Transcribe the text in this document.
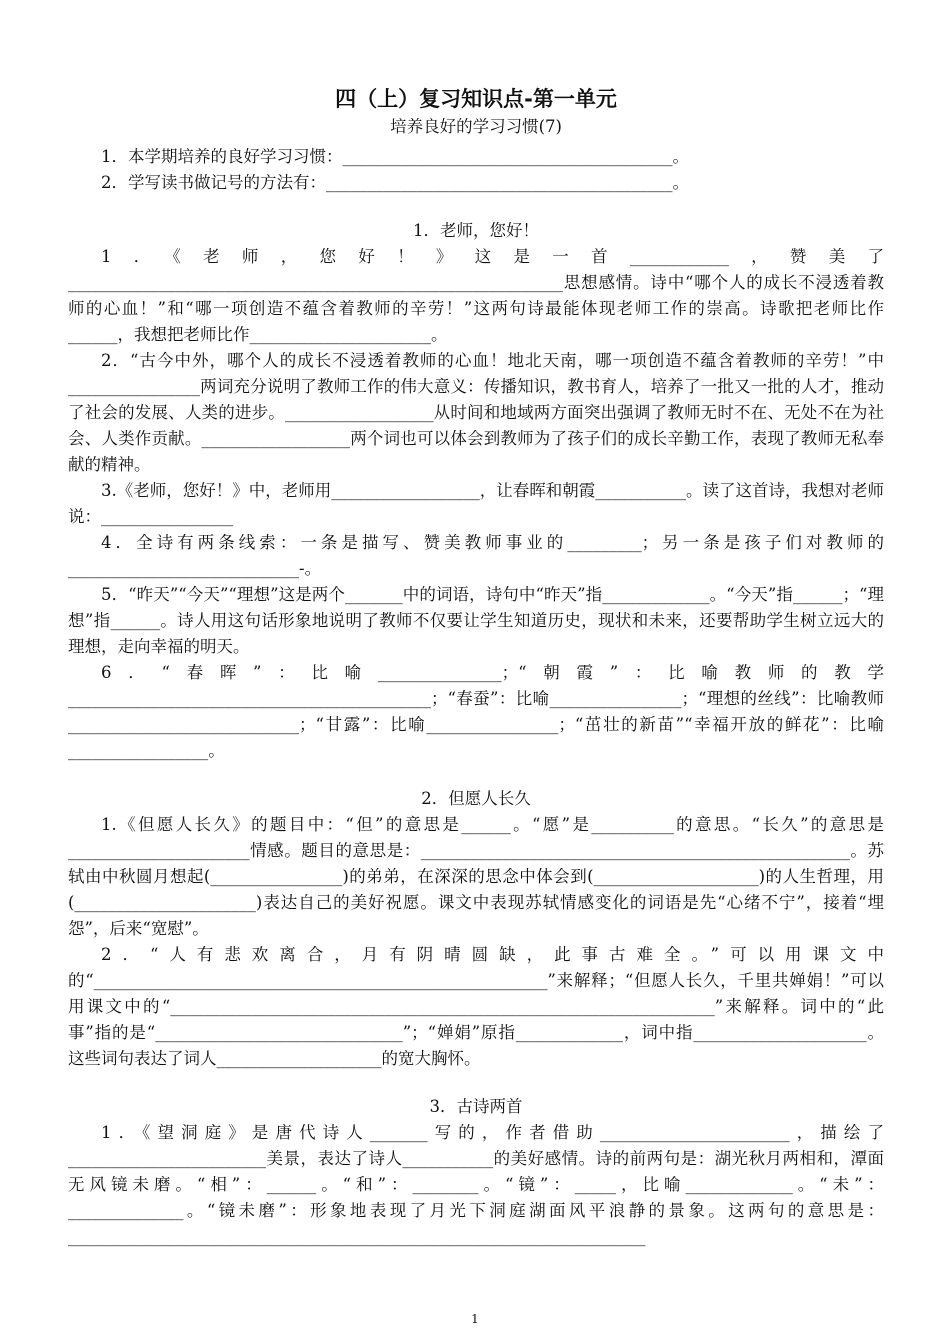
四（上）复习知识点-第一单元
培养良好的学习习惯(7)

1．本学期培养的良好学习习惯：________________________________________。

2．学写读书做记号的方法有：__________________________________________。

1．老师，您好！

1．《老师，您好！》这是一首____________，赞美了____________________________________________________________思想感情。诗中“哪个人的成长不浸透着教师的心血！”和“哪一项创造不蕴含着教师的辛劳！”这两句诗最能体现老师工作的崇高。诗歌把老师比作______，我想把老师比作______________________。

2．“古今中外，哪个人的成长不浸透着教师的心血！地北天南，哪一项创造不蕴含着教师的辛劳！”中________________两词充分说明了教师工作的伟大意义：传播知识，教书育人，培养了一批又一批的人才，推动了社会的发展、人类的进步。__________________从时间和地域两方面突出强调了教师无时不在、无处不在为社会、人类作贡献。__________________两个词也可以体会到教师为了孩子们的成长辛勤工作，表现了教师无私奉献的精神。

3.《老师，您好！》中，老师用__________________，让春晖和朝霞___________。读了这首诗，我想对老师说：________________

4．全诗有两条线索：一条是描写、赞美教师事业的_________；另一条是孩子们对教师的____________________________-。

5．“昨天”“今天”“理想”这是两个_______中的词语，诗句中“昨天”指_____________。“今天”指______；“理想”指______。诗人用这句话形象地说明了教师不仅要让学生知道历史，现状和未来，还要帮助学生树立远大的理想，走向幸福的明天。

6．“春晖”：比喻_______________；“朝霞”：比喻教师的教学____________________________________________；“春蚕”：比喻________________；“理想的丝线”：比喻教师____________________________；“甘露”：比喻________________；“茁壮的新苗”“幸福开放的鲜花”：比喻_________________。

2．但愿人长久

1.《但愿人长久》的题目中：“但”的意思是______。“愿”是__________的意思。“长久”的意思是______________________情感。题目的意思是：____________________________________________________。苏轼由中秋圆月想起(________________)的弟弟，在深深的思念中体会到(____________________)的人生哲理，用(______________________)表达自己的美好祝愿。课文中表现苏轼情感变化的词语是先“心绪不宁”，接着“埋怨”，后来“宽慰”。

2．“人有悲欢离合，月有阴晴圆缺，此事古难全。”可以用课文中的“_______________________________________________________”来解释；“但愿人长久，千里共婵娟！”可以用课文中的“__________________________________________________________________”来解释。词中的“此事”指的是“______________________________”；“婵娟”原指_____________，词中指_____________________。这些词句表达了词人____________________的宽大胸怀。

3．古诗两首

1．《望洞庭》是唐代诗人_______写的，作者借助_______________________，描绘了________________________美景，表达了诗人___________的美好感情。诗的前两句是：湖光秋月两相和，潭面无风镜未磨。“相”：______。“和”：________。“镜”：_____，比喻_____________。“未”：______________。“镜未磨”：形象地表现了月光下洞庭湖面风平浪静的景象。这两句的意思是：______________________________________________________________________

1
